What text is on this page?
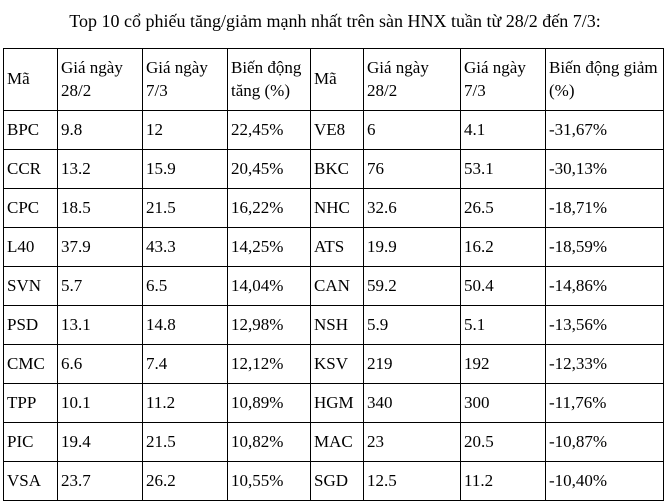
Top 10 cổ phiếu tăng/giảm mạnh nhất trên sàn HNX tuần từ 28/2 đến 7/3:

Mã	Giá ngày 28/2	Giá ngày 7/3	Biến động tăng (%)	Mã	Giá ngày 28/2	Giá ngày 7/3	Biến động giảm (%)
BPC	9.8	12	22,45%	VE8	6	4.1	-31,67%
CCR	13.2	15.9	20,45%	BKC	76	53.1	-30,13%
CPC	18.5	21.5	16,22%	NHC	32.6	26.5	-18,71%
L40	37.9	43.3	14,25%	ATS	19.9	16.2	-18,59%
SVN	5.7	6.5	14,04%	CAN	59.2	50.4	-14,86%
PSD	13.1	14.8	12,98%	NSH	5.9	5.1	-13,56%
CMC	6.6	7.4	12,12%	KSV	219	192	-12,33%
TPP	10.1	11.2	10,89%	HGM	340	300	-11,76%
PIC	19.4	21.5	10,82%	MAC	23	20.5	-10,87%
VSA	23.7	26.2	10,55%	SGD	12.5	11.2	-10,40%
